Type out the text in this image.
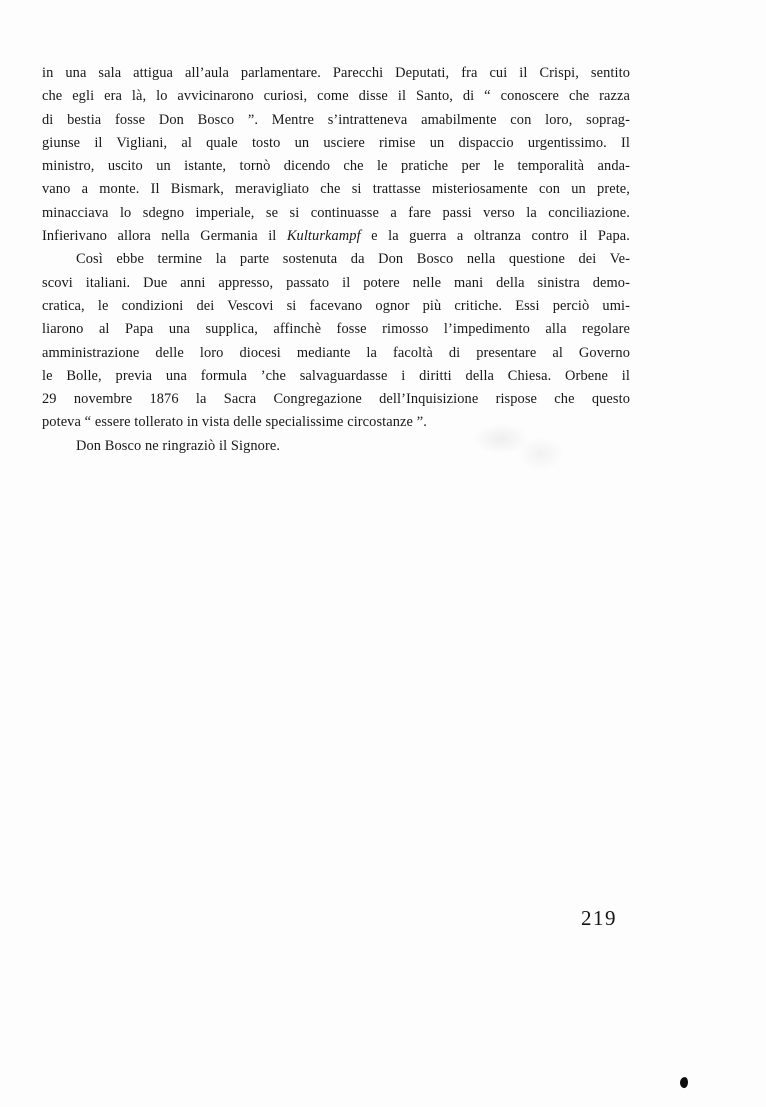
in una sala attigua all’aula parlamentare. Parecchi Deputati, fra cui il Crispi, sentito
che egli era là, lo avvicinarono curiosi, come disse il Santo, di “ conoscere che razza
di bestia fosse Don Bosco ”. Mentre s’intratteneva amabilmente con loro, soprag-
giunse il Vigliani, al quale tosto un usciere rimise un dispaccio urgentissimo. Il
ministro, uscito un istante, tornò dicendo che le pratiche per le temporalità anda-
vano a monte. Il Bismark, meravigliato che si trattasse misteriosamente con un prete,
minacciava lo sdegno imperiale, se si continuasse a fare passi verso la conciliazione.
Infierivano allora nella Germania il Kulturkampf e la guerra a oltranza contro il Papa.
Così ebbe termine la parte sostenuta da Don Bosco nella questione dei Ve-
scovi italiani. Due anni appresso, passato il potere nelle mani della sinistra demo-
cratica, le condizioni dei Vescovi si facevano ognor più critiche. Essi perciò umi-
liarono al Papa una supplica, affinchè fosse rimosso l’impedimento alla regolare
amministrazione delle loro diocesi mediante la facoltà di presentare al Governo
le Bolle, previa una formula ’che salvaguardasse i diritti della Chiesa. Orbene il
29 novembre 1876 la Sacra Congregazione dell’Inquisizione rispose che questo
poteva “ essere tollerato in vista delle specialissime circostanze ”.
Don Bosco ne ringraziò il Signore.
219
